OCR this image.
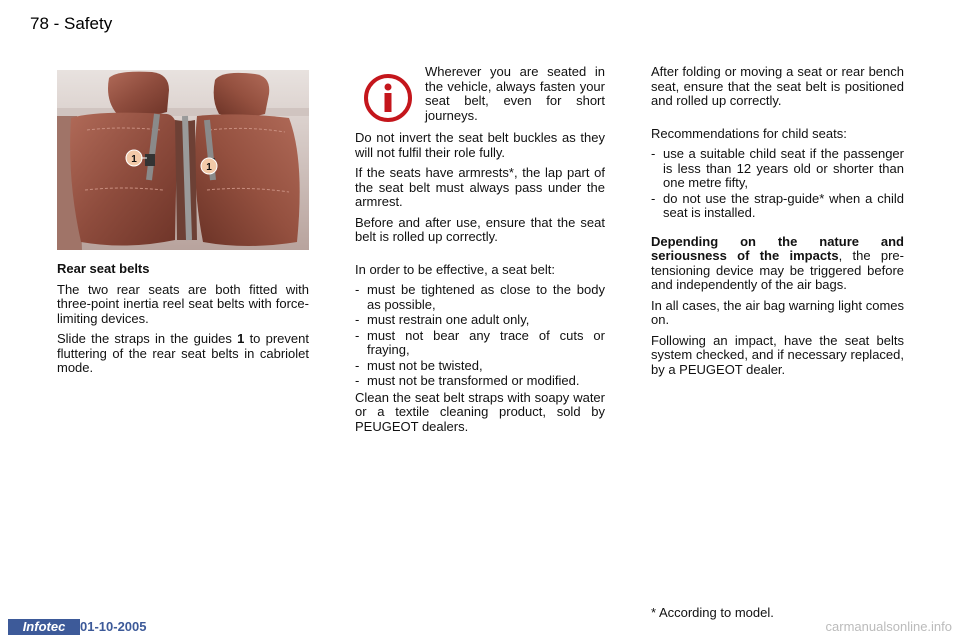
78 - Safety
1
1
Rear seat belts

The two rear seats are both fitted with three-point inertia reel seat belts with force-limiting devices.

Slide the straps in the guides 1 to prevent fluttering of the rear seat belts in cabriolet mode.

Wherever you are seated in the vehicle, always fasten your seat belt, even for short journeys.

Do not invert the seat belt buckles as they will not fulfil their role fully.

If the seats have armrests*, the lap part of the seat belt must always pass under the armrest.

Before and after use, ensure that the seat belt is rolled up correctly.

In order to be effective, a seat belt:

- must be tightened as close to the body as possible,
- must restrain one adult only,
- must not bear any trace of cuts or fraying,
- must not be twisted,
- must not be transformed or modified.

Clean the seat belt straps with soapy water or a textile cleaning product, sold by PEUGEOT dealers.

After folding or moving a seat or rear bench seat, ensure that the seat belt is positioned and rolled up correctly.

Recommendations for child seats:

- use a suitable child seat if the passenger is less than 12 years old or shorter than one metre fifty,
- do not use the strap-guide* when a child seat is installed.

Depending on the nature and seriousness of the impacts, the pre-tensioning device may be triggered before and independently of the air bags.

In all cases, the air bag warning light comes on.

Following an impact, have the seat belts system checked, and if necessary replaced, by a PEUGEOT dealer.

* According to model.
Infotec	01-10-2005	carmanualsonline.info
